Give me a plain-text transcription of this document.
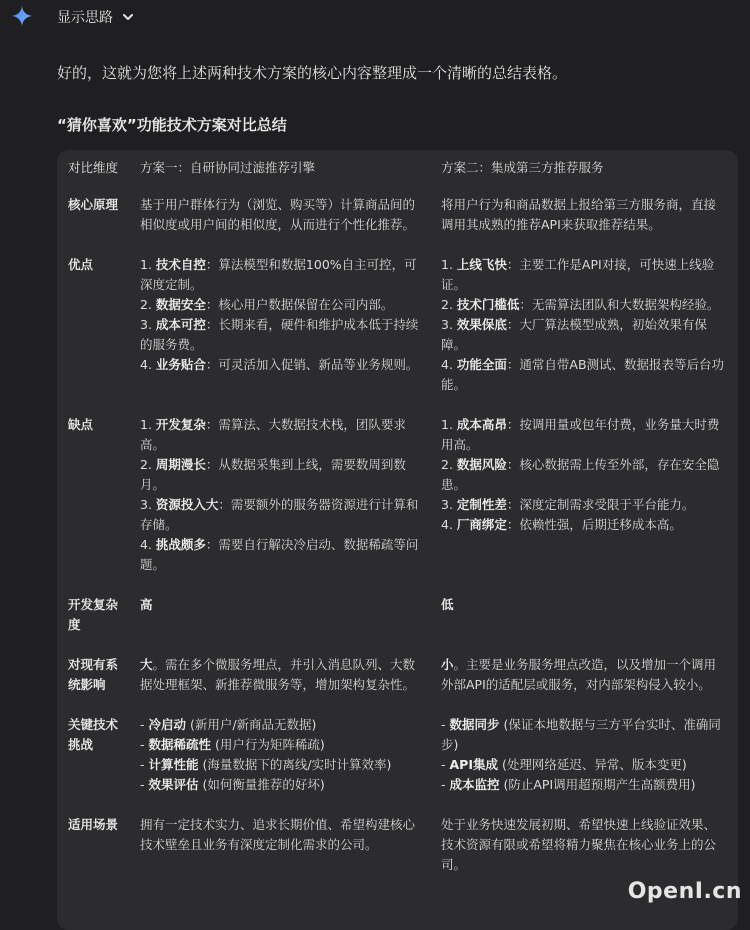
显示思路
好的，这就为您将上述两种技术方案的核心内容整理成一个清晰的总结表格。
“猜你喜欢”功能技术方案对比总结
对比维度	方案一：自研协同过滤推荐引擎	方案二：集成第三方推荐服务
核心原理	基于用户群体行为（浏览、购买等）计算商品间的相似度或用户间的相似度，从而进行个性化推荐。	将用户行为和商品数据上报给第三方服务商，直接调用其成熟的推荐API来获取推荐结果。
优点	1. 技术自控：算法模型和数据100%自主可控，可深度定制。
2. 数据安全：核心用户数据保留在公司内部。
3. 成本可控：长期来看，硬件和维护成本低于持续的服务费。
4. 业务贴合：可灵活加入促销、新品等业务规则。	1. 上线飞快：主要工作是API对接，可快速上线验证。
2. 技术门槛低：无需算法团队和大数据架构经验。
3. 效果保底：大厂算法模型成熟，初始效果有保障。
4. 功能全面：通常自带AB测试、数据报表等后台功能。

缺点	1. 开发复杂：需算法、大数据技术栈，团队要求高。
2. 周期漫长：从数据采集到上线，需要数周到数月。
3. 资源投入大：需要额外的服务器资源进行计算和存储。
4. 挑战颇多：需要自行解决冷启动、数据稀疏等问题。	1. 成本高昂：按调用量或包年付费，业务量大时费用高。
2. 数据风险：核心数据需上传至外部，存在安全隐患。
3. 定制性差：深度定制需求受限于平台能力。
4. 厂商绑定：依赖性强，后期迁移成本高。

开发复杂度	高	低
对现有系统影响	大。需在多个微服务埋点，并引入消息队列、大数据处理框架、新推荐微服务等，增加架构复杂性。	小。主要是业务服务埋点改造，以及增加一个调用外部API的适配层或服务，对内部架构侵入较小。
关键技术挑战	- 冷启动 (新用户/新商品无数据)
- 数据稀疏性 (用户行为矩阵稀疏)
- 计算性能 (海量数据下的离线/实时计算效率)
- 效果评估 (如何衡量推荐的好坏)	- 数据同步 (保证本地数据与三方平台实时、准确同步)
- API集成 (处理网络延迟、异常、版本变更)
- 成本监控 (防止API调用超预期产生高额费用)

适用场景	拥有一定技术实力、追求长期价值、希望构建核心技术壁垒且业务有深度定制化需求的公司。	处于业务快速发展初期、希望快速上线验证效果、技术资源有限或希望将精力聚焦在核心业务上的公司。
OpenI.cn
